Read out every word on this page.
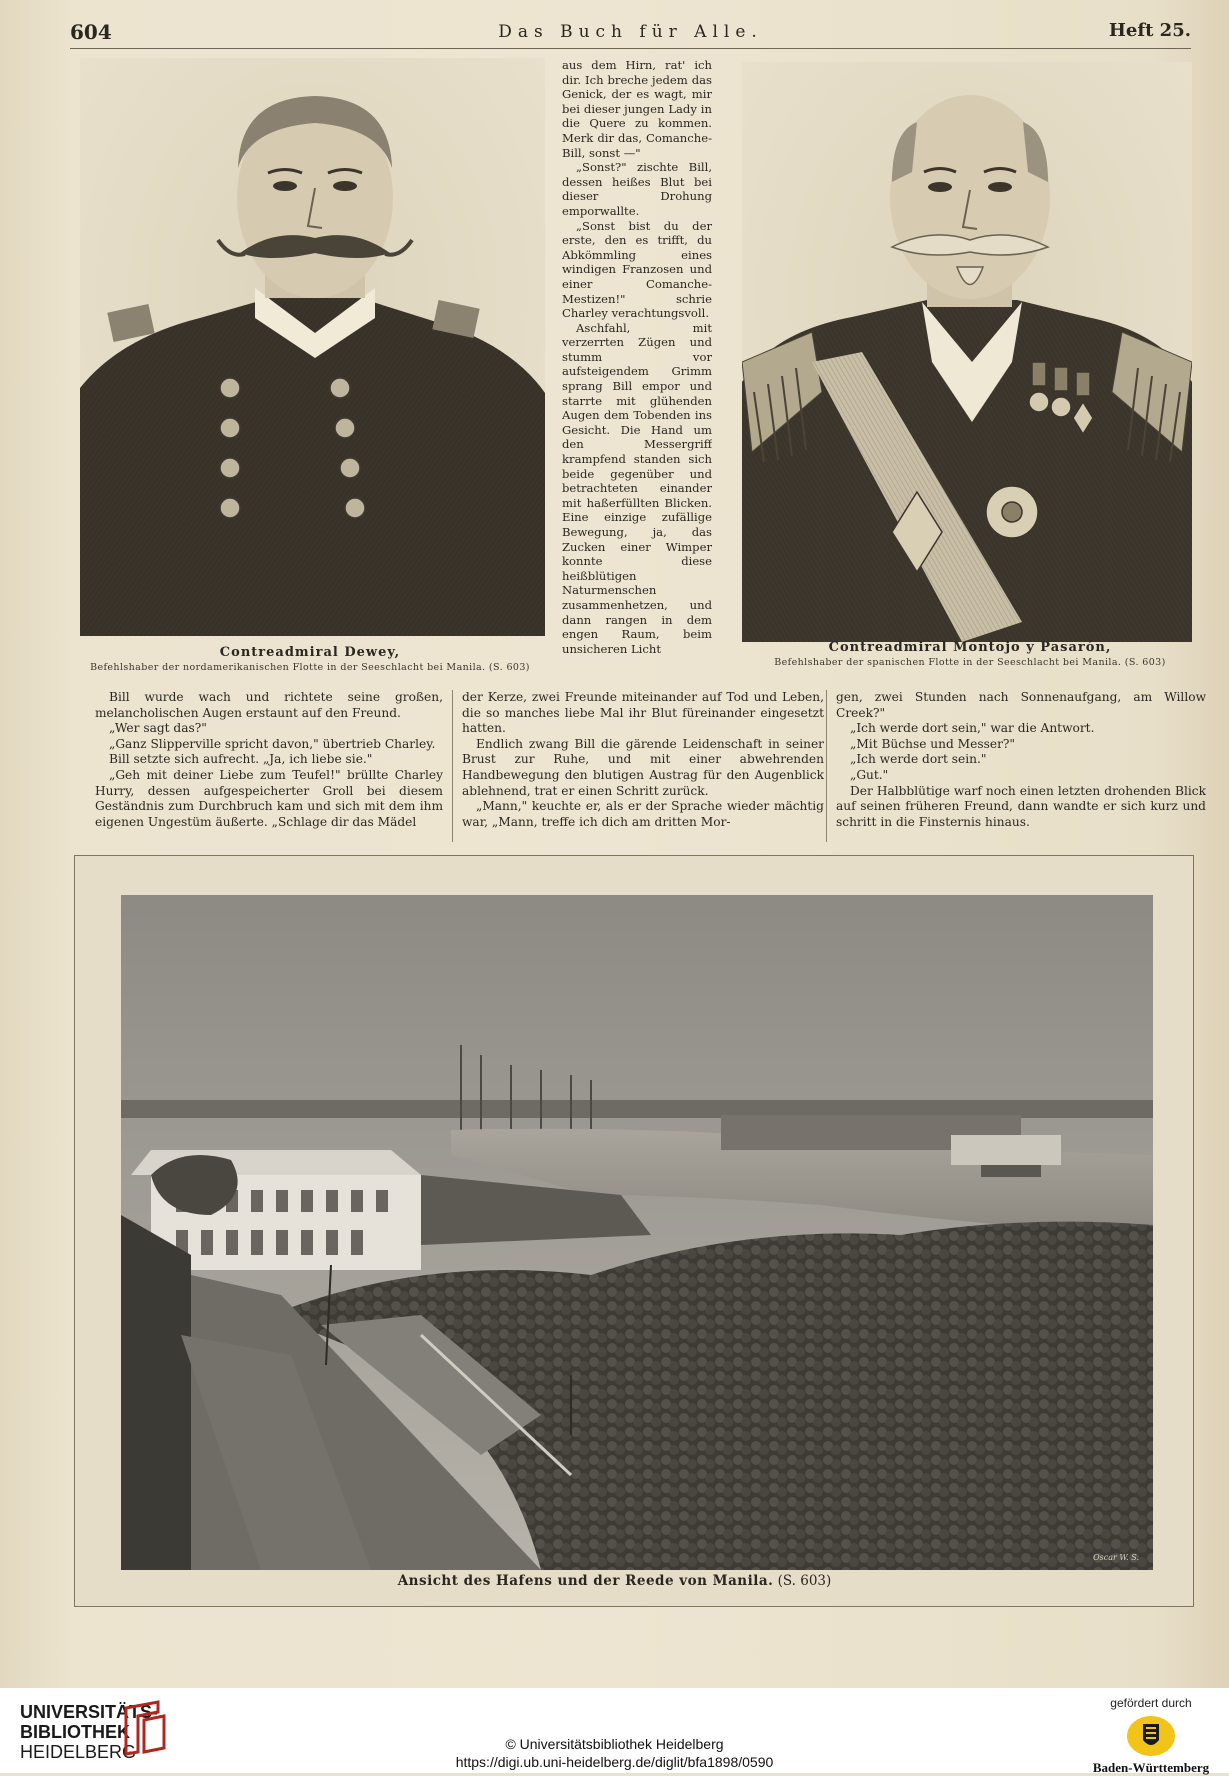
604	Das Buch für Alle.	Heft 25.
Contreadmiral Dewey,
Befehlshaber der nordamerikanischen Flotte in der Seeschlacht bei Manila. (S. 603)

aus dem Hirn, rat' ich dir. Ich breche jedem das Genick, der es wagt, mir bei dieser jungen Lady in die Quere zu kommen. Merk dir das, Comanche-Bill, sonst —"

„Sonst?" zischte Bill, dessen heißes Blut bei dieser Drohung emporwallte.

„Sonst bist du der erste, den es trifft, du Abkömmling eines windigen Franzosen und einer Comanche-Mestizen!" schrie Charley verachtungsvoll.

Aschfahl, mit verzerrten Zügen und stumm vor aufsteigendem Grimm sprang Bill empor und starrte mit glühenden Augen dem Tobenden ins Gesicht. Die Hand um den Messergriff krampfend standen sich beide gegenüber und betrachteten einander mit haßerfüllten Blicken. Eine einzige zufällige Bewegung, ja, das Zucken einer Wimper konnte diese heißblütigen Naturmenschen zusammenhetzen, und dann rangen in dem engen Raum, beim unsicheren Licht	Contreadmiral Montojo y Pasarón,
Befehlshaber der spanischen Flotte in der Seeschlacht bei Manila. (S. 603)

Bill wurde wach und richtete seine großen, melancholischen Augen erstaunt auf den Freund.

„Wer sagt das?"

„Ganz Slipperville spricht davon," übertrieb Charley.

Bill setzte sich aufrecht. „Ja, ich liebe sie."

„Geh mit deiner Liebe zum Teufel!" brüllte Charley Hurry, dessen aufgespeicherter Groll bei diesem Geständnis zum Durchbruch kam und sich mit dem ihm eigenen Ungestüm äußerte. „Schlage dir das Mädel

der Kerze, zwei Freunde miteinander auf Tod und Leben, die so manches liebe Mal ihr Blut füreinander eingesetzt hatten.

Endlich zwang Bill die gärende Leidenschaft in seiner Brust zur Ruhe, und mit einer abwehrenden Handbewegung den blutigen Austrag für den Augenblick ablehnend, trat er einen Schritt zurück.

„Mann," keuchte er, als er der Sprache wieder mächtig war, „Mann, treffe ich dich am dritten Mor-

gen, zwei Stunden nach Sonnenaufgang, am Willow Creek?"

„Ich werde dort sein," war die Antwort.

„Mit Büchse und Messer?"

„Ich werde dort sein."

„Gut."

Der Halbblütige warf noch einen letzten drohenden Blick auf seinen früheren Freund, dann wandte er sich kurz und schritt in die Finsternis hinaus.

Oscar W. S.
Ansicht des Hafens und der Reede von Manila. (S. 603)
UNIVERSITÄTS-
BIBLIOTHEK
HEIDELBERG	© Universitätsbibliothek Heidelberg
https://digi.ub.uni-heidelberg.de/diglit/bfa1898/0590
gefördert durch
Baden-Württemberg
